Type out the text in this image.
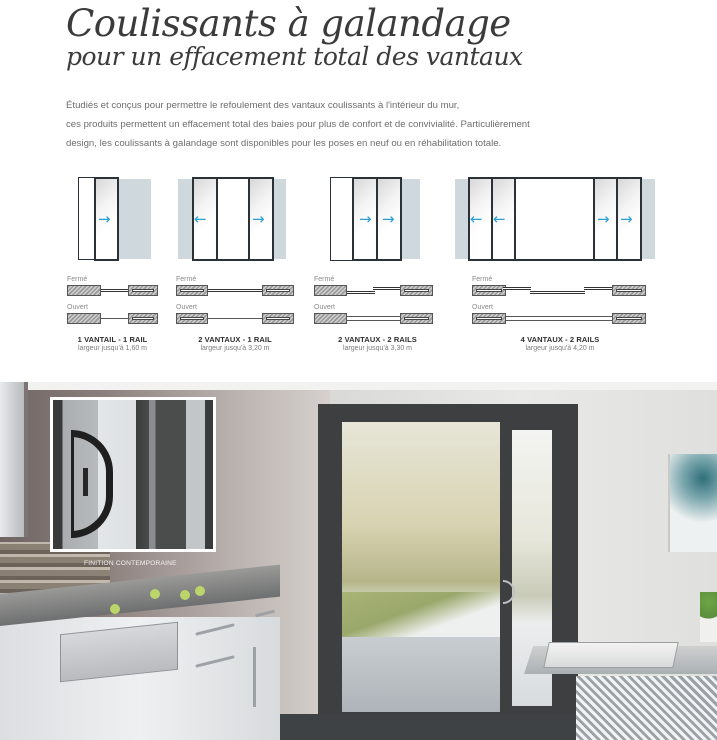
Coulissants à galandage
pour un effacement total des vantaux
Étudiés et conçus pour permettre le refoulement des vantaux coulissants à l'intérieur du mur,
ces produits permettent un effacement total des baies pour plus de confort et de convivialité. Particulièrement
design, les coulissants à galandage sont disponibles pour les poses en neuf ou en réhabilitation totale.
→
Fermé
Ouvert
1 VANTAIL - 1 RAIL
largeur jusqu'à 1,60 m
←	→
Fermé
Ouvert
2 VANTAUX - 1 RAIL
largeur jusqu'à 3,20 m
→ →
Fermé
Ouvert
2 VANTAUX - 2 RAILS
largeur jusqu'à 3,30 m
← ←	→ →
Fermé
Ouvert
4 VANTAUX - 2 RAILS
largeur jusqu'à 4,20 m
FINITION CONTEMPORAINE
